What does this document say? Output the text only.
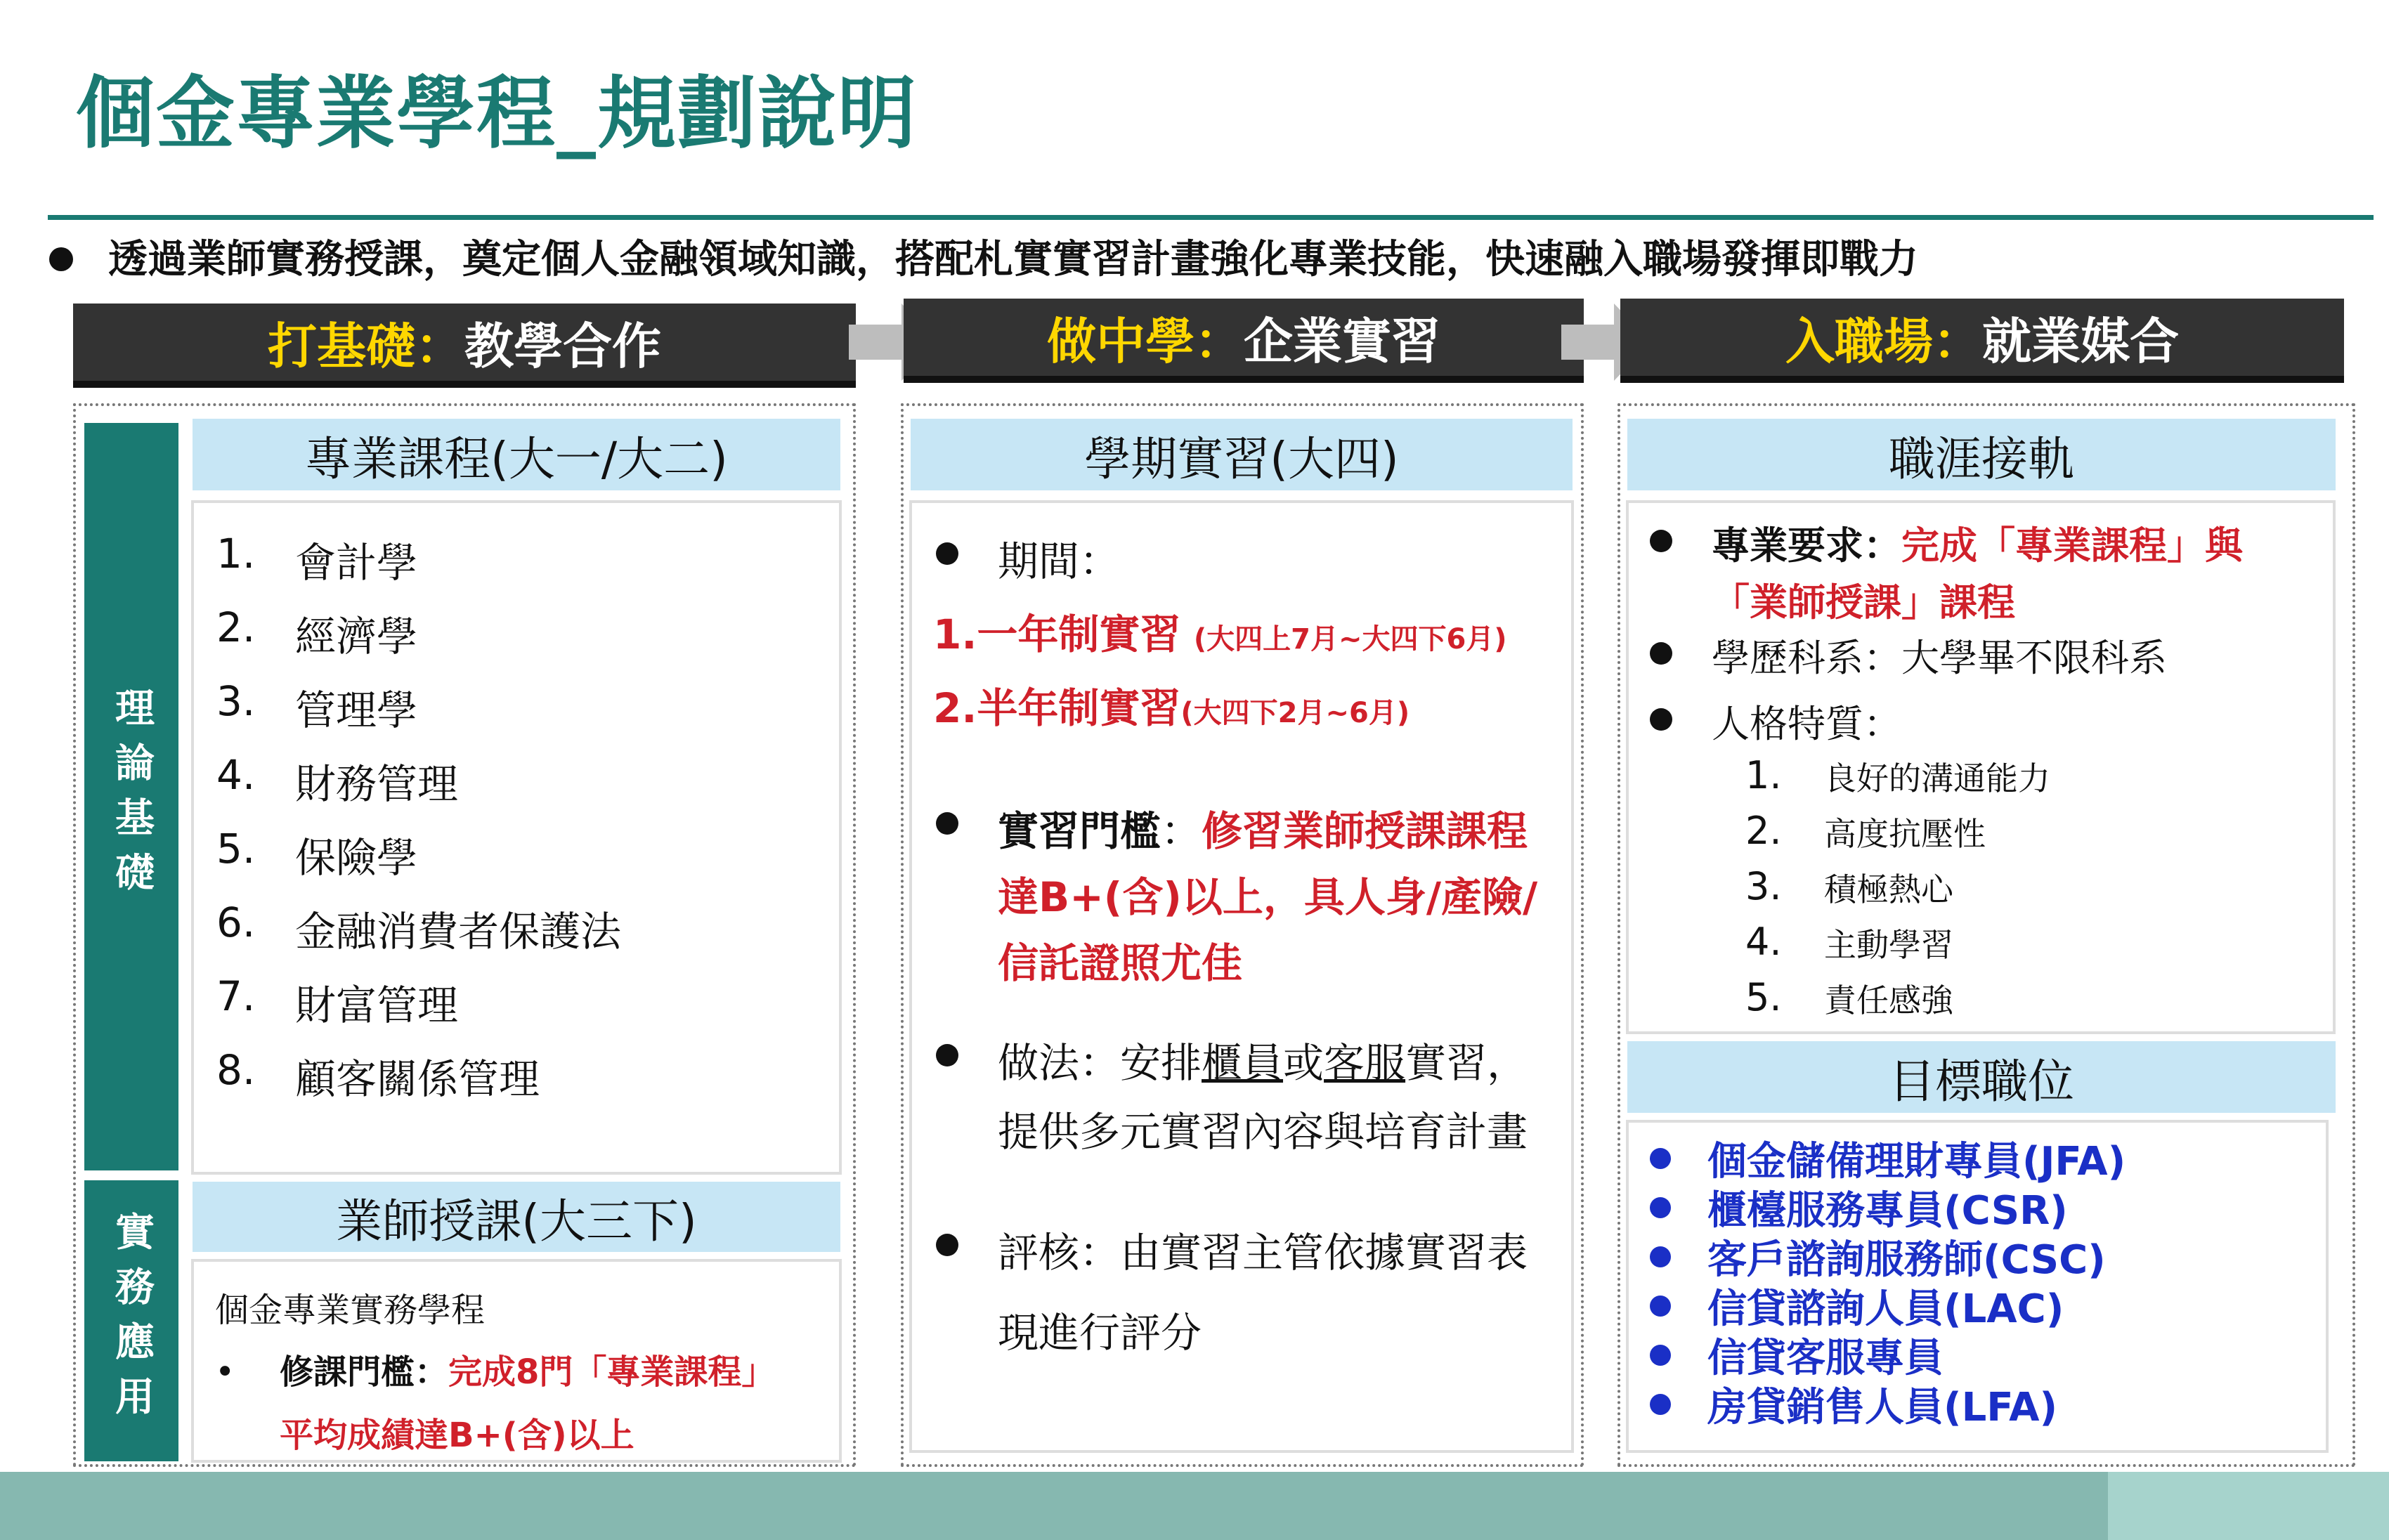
個金專業學程_規劃說明
透過業師實務授課，奠定個人金融領域知識，搭配札實實習計畫強化專業技能，快速融入職場發揮即戰力
打基礎： 教學合作	做中學： 企業實習	入職場： 就業媒合
理論基礎
實務應用
專業課程(大一/大二)
1. 會計學
2. 經濟學
3. 管理學
4. 財務管理
5. 保險學
6. 金融消費者保護法
7. 財富管理
8. 顧客關係管理
業師授課(大三下)
個金專業實務學程
• 修課門檻：完成8門「專業課程」
平均成績達B+(含)以上
學期實習(大四)
期間：
1.一年制實習 (大四上7月~大四下6月)
2.半年制實習(大四下2月~6月)
實習門檻 ： 修習業師授課課程
達B+(含)以上，具人身/產險/
信託證照尤佳
做法：安排 櫃員 或 客服 實習，
提供多元實習內容與培育計畫
評核：由實習主管依據實習表
現進行評分
職涯接軌
專業要求： 完成「專業課程」與
「業師授課」課程
學歷科系：大學畢不限科系
人格特質：
1.	良好的溝通能力
2.	高度抗壓性
3.	積極熱心
4.	主動學習
5.	責任感強
目標職位
個金儲備理財專員(JFA)
櫃檯服務專員(CSR)
客戶諮詢服務師(CSC)
信貸諮詢人員(LAC)
信貸客服專員
房貸銷售人員(LFA)
